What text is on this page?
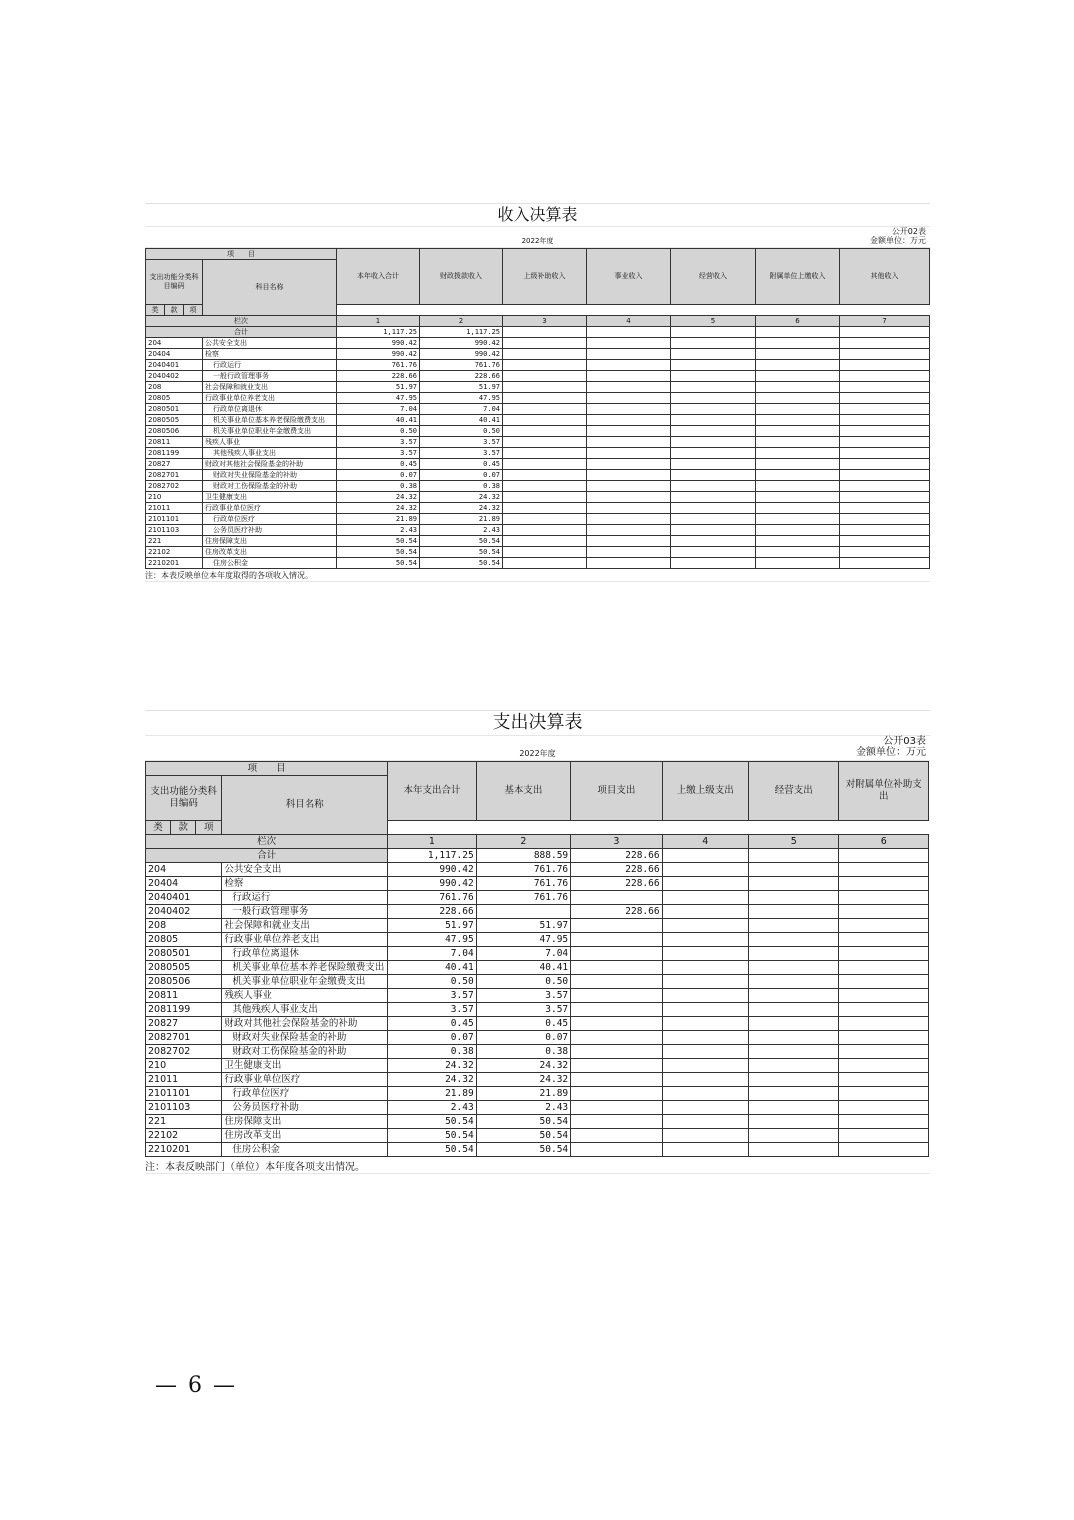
收入决算表
公开02表
金额单位：万元
2022年度
项　　目				本年收入合计	财政拨款收入	上级补助收入	事业收入	经营收入	附属单位上缴收入	其他收入
支出功能分类科目编码			科目名称							
类	款	项								
栏次				1	2	3	4	5	6	7
合计				1,117.25	1,117.25					
204			公共安全支出	990.42	990.42					
20404			检察	990.42	990.42					
2040401			行政运行	761.76	761.76					
2040402			一般行政管理事务	228.66	228.66					
208			社会保障和就业支出	51.97	51.97					
20805			行政事业单位养老支出	47.95	47.95					
2080501			行政单位离退休	7.04	7.04					
2080505			机关事业单位基本养老保险缴费支出	40.41	40.41					
2080506			机关事业单位职业年金缴费支出	0.50	0.50					
20811			残疾人事业	3.57	3.57					
2081199			其他残疾人事业支出	3.57	3.57					
20827			财政对其他社会保险基金的补助	0.45	0.45					
2082701			财政对失业保险基金的补助	0.07	0.07					
2082702			财政对工伤保险基金的补助	0.38	0.38					
210			卫生健康支出	24.32	24.32					
21011			行政事业单位医疗	24.32	24.32					
2101101			行政单位医疗	21.89	21.89					
2101103			公务员医疗补助	2.43	2.43					
221			住房保障支出	50.54	50.54					
22102			住房改革支出	50.54	50.54					
2210201			住房公积金	50.54	50.54					
注：本表反映单位本年度取得的各项收入情况。
支出决算表
公开03表
金额单位：万元
2022年度
项　　目				本年支出合计	基本支出	项目支出	上缴上级支出	经营支出	对附属单位补助支出
支出功能分类科目编码			科目名称						
类	款	项							
栏次				1	2	3	4	5	6
合计				1,117.25	888.59	228.66			
204			公共安全支出	990.42	761.76	228.66			
20404			检察	990.42	761.76	228.66			
2040401			行政运行	761.76	761.76				
2040402			一般行政管理事务	228.66		228.66			
208			社会保障和就业支出	51.97	51.97				
20805			行政事业单位养老支出	47.95	47.95				
2080501			行政单位离退休	7.04	7.04				
2080505			机关事业单位基本养老保险缴费支出	40.41	40.41				
2080506			机关事业单位职业年金缴费支出	0.50	0.50				
20811			残疾人事业	3.57	3.57				
2081199			其他残疾人事业支出	3.57	3.57				
20827			财政对其他社会保险基金的补助	0.45	0.45				
2082701			财政对失业保险基金的补助	0.07	0.07				
2082702			财政对工伤保险基金的补助	0.38	0.38				
210			卫生健康支出	24.32	24.32				
21011			行政事业单位医疗	24.32	24.32				
2101101			行政单位医疗	21.89	21.89				
2101103			公务员医疗补助	2.43	2.43				
221			住房保障支出	50.54	50.54				
22102			住房改革支出	50.54	50.54				
2210201			住房公积金	50.54	50.54				
注：本表反映部门（单位）本年度各项支出情况。
— 6 —
